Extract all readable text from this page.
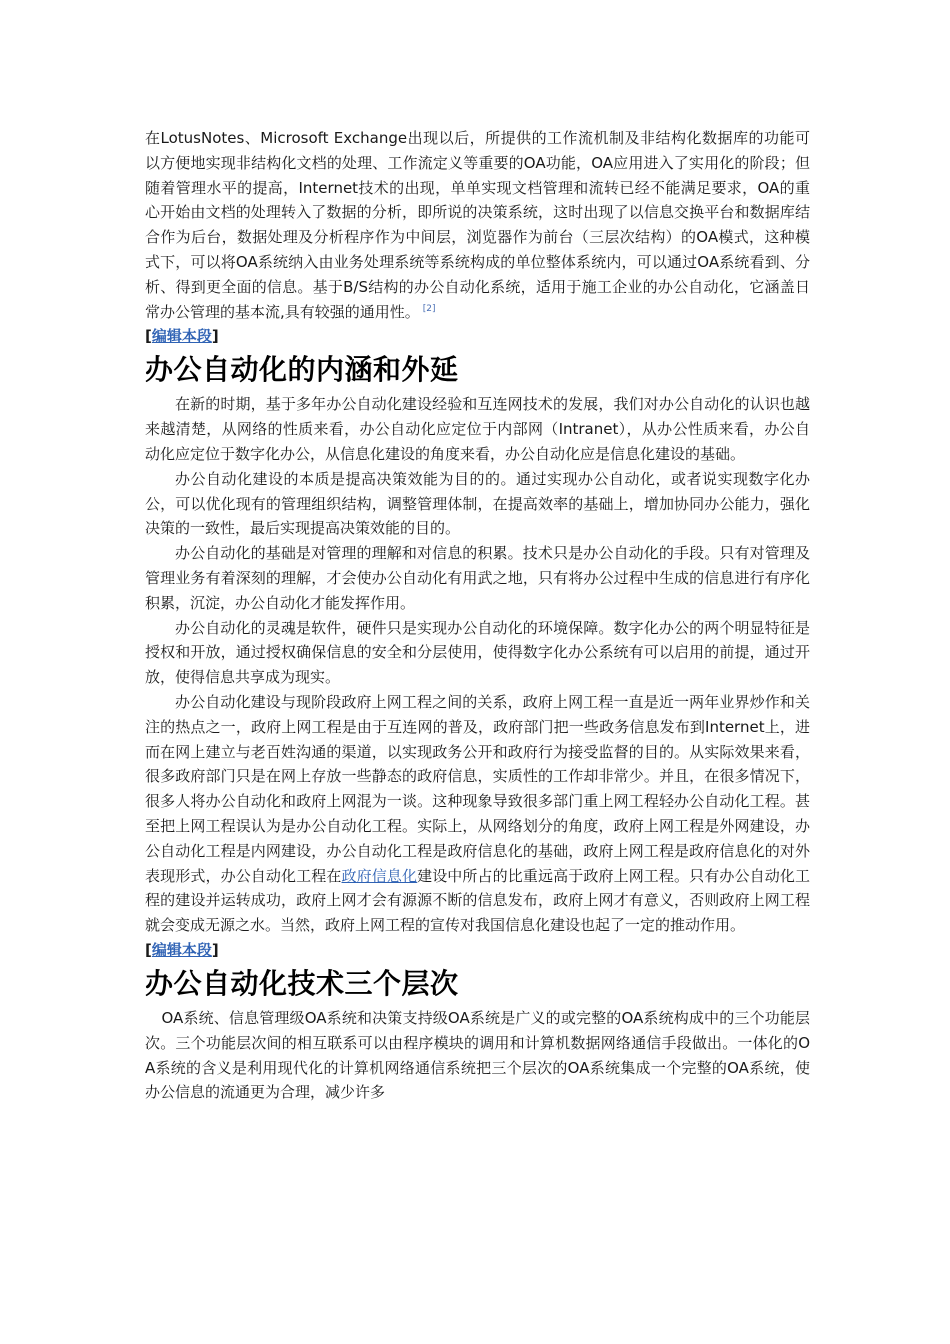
在LotusNotes、Microsoft Exchange出现以后，所提供的工作流机制及非结构化数据库的功能可以方便地实现非结构化文档的处理、工作流定义等重要的OA功能，OA应用进入了实用化的阶段；但随着管理水平的提高，Internet技术的出现，单单实现文档管理和流转已经不能满足要求，OA的重心开始由文档的处理转入了数据的分析，即所说的决策系统，这时出现了以信息交换平台和数据库结合作为后台，数据处理及分析程序作为中间层，浏览器作为前台（三层次结构）的OA模式，这种模式下，可以将OA系统纳入由业务处理系统等系统构成的单位整体系统内，可以通过OA系统看到、分析、得到更全面的信息。基于B/S结构的办公自动化系统，适用于施工企业的办公自动化，它涵盖日常办公管理的基本流,具有较强的通用性。 [2]

[编辑本段]

办公自动化的内涵和外延

在新的时期，基于多年办公自动化建设经验和互连网技术的发展，我们对办公自动化的认识也越来越清楚，从网络的性质来看，办公自动化应定位于内部网（Intranet），从办公性质来看，办公自动化应定位于数字化办公，从信息化建设的角度来看，办公自动化应是信息化建设的基础。

办公自动化建设的本质是提高决策效能为目的的。通过实现办公自动化，或者说实现数字化办公，可以优化现有的管理组织结构，调整管理体制，在提高效率的基础上，增加协同办公能力，强化决策的一致性，最后实现提高决策效能的目的。

办公自动化的基础是对管理的理解和对信息的积累。技术只是办公自动化的手段。只有对管理及管理业务有着深刻的理解，才会使办公自动化有用武之地，只有将办公过程中生成的信息进行有序化积累，沉淀，办公自动化才能发挥作用。

办公自动化的灵魂是软件，硬件只是实现办公自动化的环境保障。数字化办公的两个明显特征是授权和开放，通过授权确保信息的安全和分层使用，使得数字化办公系统有可以启用的前提，通过开放，使得信息共享成为现实。

办公自动化建设与现阶段政府上网工程之间的关系，政府上网工程一直是近一两年业界炒作和关注的热点之一，政府上网工程是由于互连网的普及，政府部门把一些政务信息发布到Internet上，进而在网上建立与老百姓沟通的渠道，以实现政务公开和政府行为接受监督的目的。从实际效果来看，很多政府部门只是在网上存放一些静态的政府信息，实质性的工作却非常少。并且，在很多情况下，很多人将办公自动化和政府上网混为一谈。这种现象导致很多部门重上网工程轻办公自动化工程。甚至把上网工程误认为是办公自动化工程。实际上，从网络划分的角度，政府上网工程是外网建设，办公自动化工程是内网建设，办公自动化工程是政府信息化的基础，政府上网工程是政府信息化的对外表现形式，办公自动化工程在政府信息化建设中所占的比重远高于政府上网工程。只有办公自动化工程的建设并运转成功，政府上网才会有源源不断的信息发布，政府上网才有意义，否则政府上网工程就会变成无源之水。当然，政府上网工程的宣传对我国信息化建设也起了一定的推动作用。

[编辑本段]

办公自动化技术三个层次

OA系统、信息管理级OA系统和决策支持级OA系统是广义的或完整的OA系统构成中的三个功能层次。三个功能层次间的相互联系可以由程序模块的调用和计算机数据网络通信手段做出。一体化的OA系统的含义是利用现代化的计算机网络通信系统把三个层次的OA系统集成一个完整的OA系统，使办公信息的流通更为合理，减少许多
